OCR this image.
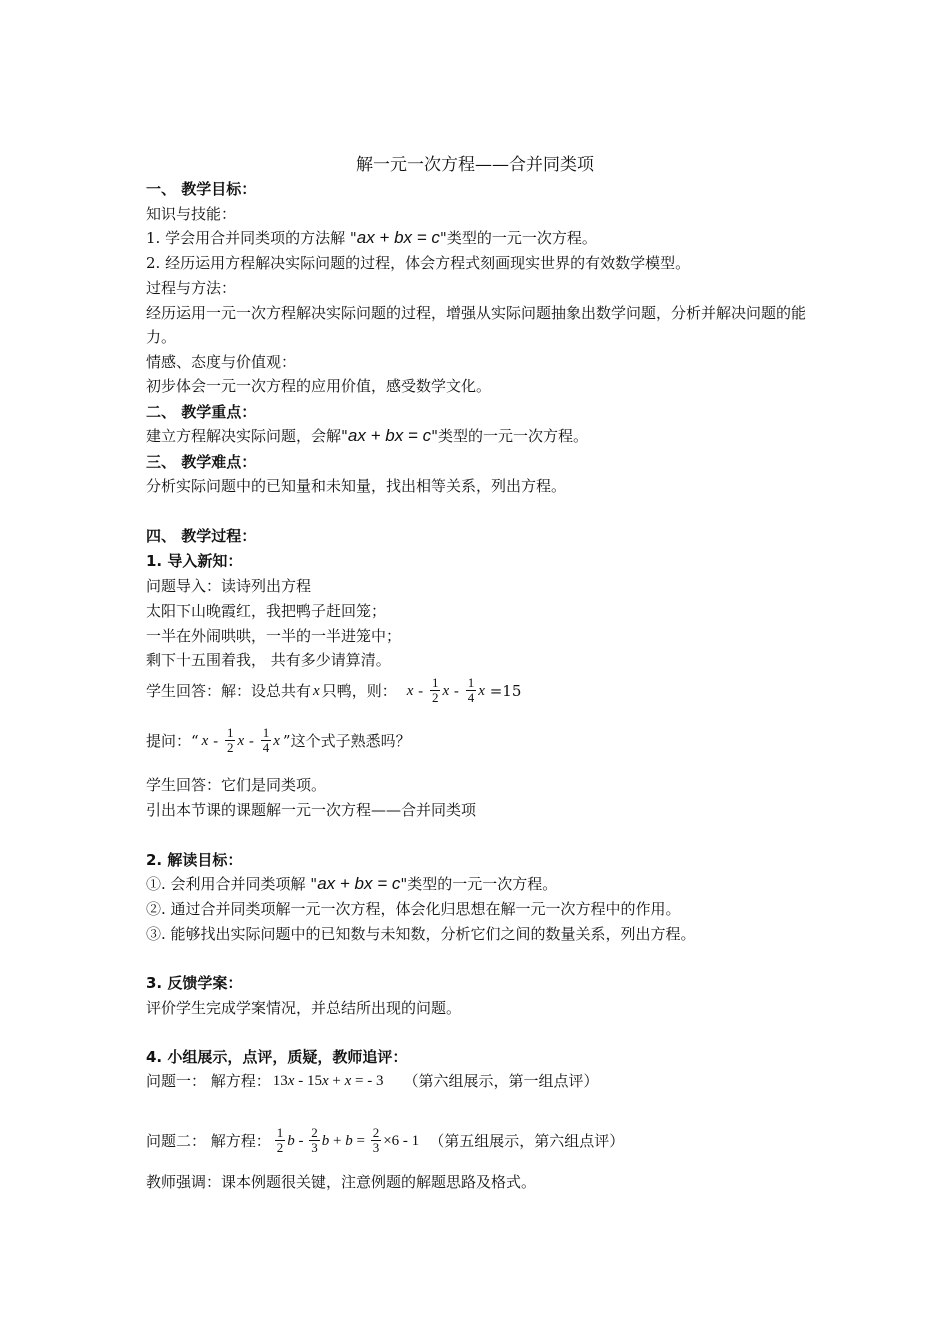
解一元一次方程——合并同类项
一、 教学目标：
知识与技能：
1. 学会用合并同类项的方法解 "ax + bx = c"类型的一元一次方程。
2. 经历运用方程解决实际问题的过程，体会方程式刻画现实世界的有效数学模型。
过程与方法：
经历运用一元一次方程解决实际问题的过程，增强从实际问题抽象出数学问题，分析并解决问题的能力。
情感、态度与价值观：
初步体会一元一次方程的应用价值，感受数学文化。
二、 教学重点：
建立方程解决实际问题，会解"ax + bx = c"类型的一元一次方程。
三、 教学难点：
分析实际问题中的已知量和未知量，找出相等关系，列出方程。
四、 教学过程：
1. 导入新知：
问题导入：读诗列出方程
太阳下山晚霞红，我把鸭子赶回笼；
一半在外闹哄哄，一半的一半进笼中；
剩下十五围着我， 共有多少请算清。
学生回答：解：设总共有 x 只鸭，则： x - 1
2 x - 1
4 x =15
提问：“ x - 1
2 x - 1
4 x ”这个式子熟悉吗？
学生回答：它们是同类项。
引出本节课的课题解一元一次方程——合并同类项
2. 解读目标：
①. 会利用合并同类项解 "ax + bx = c"类型的一元一次方程。
②. 通过合并同类项解一元一次方程，体会化归思想在解一元一次方程中的作用。
③. 能够找出实际问题中的已知数与未知数，分析它们之间的数量关系，列出方程。
3. 反馈学案：
评价学生完成学案情况，并总结所出现的问题。
4. 小组展示，点评，质疑，教师追评：
问题一： 解方程： 13x - 15x + x = - 3 （第六组展示，第一组点评）
问题二： 解方程： 1
2 b - 2
3 b + b = 2
3 ×6 - 1 （第五组展示，第六组点评）
教师强调：课本例题很关键，注意例题的解题思路及格式。
